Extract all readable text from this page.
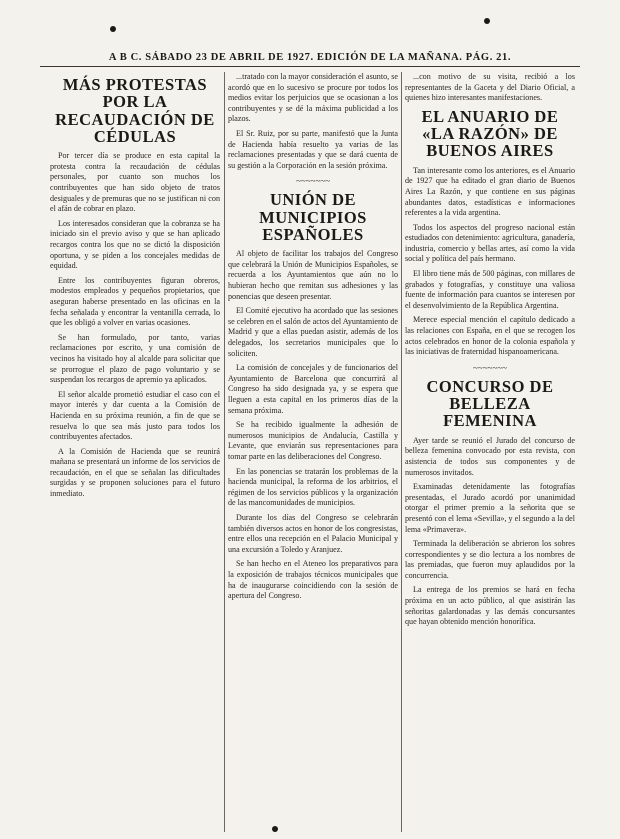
A B C. SÁBADO 23 DE ABRIL DE 1927. EDICIÓN DE LA MAÑANA. PÁG. 21.
MÁS PROTESTAS POR LA RECAUDACIÓN DE CÉDULAS

Por tercer día se produce en esta capital la protesta contra la recaudación de cédulas personales, por cuanto son muchos los contribuyentes que han sido objeto de tratos desiguales y de premuras que no se justifican ni con el afán de cobrar en plazo.

Los interesados consideran que la cobranza se ha iniciado sin el previo aviso y que se han aplicado recargos contra los que no se dictó la disposición oportuna, y se piden a los concejales medidas de equidad.

Entre los contribuyentes figuran obreros, modestos empleados y pequeños propietarios, que aseguran haberse presentado en las oficinas en la fecha señalada y encontrar la ventanilla cerrada, lo que les obligó a volver en varias ocasiones.

Se han formulado, por tanto, varias reclamaciones por escrito, y una comisión de vecinos ha visitado hoy al alcalde para solicitar que se prorrogue el plazo de pago voluntario y se suspendan los recargos de apremio ya aplicados.

El señor alcalde prometió estudiar el caso con el mayor interés y dar cuenta a la Comisión de Hacienda en su próxima reunión, a fin de que se resuelva lo que sea más justo para todos los contribuyentes afectados.

A la Comisión de Hacienda que se reunirá mañana se presentará un informe de los servicios de recaudación, en el que se señalan las dificultades surgidas y se proponen soluciones para el futuro inmediato.

...tratado con la mayor consideración el asunto, se acordó que en lo sucesivo se procure por todos los medios evitar los perjuicios que se ocasionan a los contribuyentes y se dé la máxima publicidad a los plazos.

El Sr. Ruiz, por su parte, manifestó que la Junta de Hacienda había resuelto ya varias de las reclamaciones presentadas y que se dará cuenta de su gestión a la Corporación en la sesión próxima.

~~~~~~~
UNIÓN DE MUNICIPIOS ESPAÑOLES

Al objeto de facilitar los trabajos del Congreso que celebrará la Unión de Municipios Españoles, se recuerda a los Ayuntamientos que aún no lo hubieran hecho que remitan sus adhesiones y las ponencias que deseen presentar.

El Comité ejecutivo ha acordado que las sesiones se celebren en el salón de actos del Ayuntamiento de Madrid y que a ellas puedan asistir, además de los delegados, los secretarios municipales que lo soliciten.

La comisión de concejales y de funcionarios del Ayuntamiento de Barcelona que concurrirá al Congreso ha sido designada ya, y se espera que lleguen a esta capital en los primeros días de la semana próxima.

Se ha recibido igualmente la adhesión de numerosos municipios de Andalucía, Castilla y Levante, que enviarán sus representaciones para tomar parte en las deliberaciones del Congreso.

En las ponencias se tratarán los problemas de la hacienda municipal, la reforma de los arbitrios, el régimen de los servicios públicos y la organización de las mancomunidades de municipios.

Durante los días del Congreso se celebrarán también diversos actos en honor de los congresistas, entre ellos una recepción en el Palacio Municipal y una excursión a Toledo y Aranjuez.

Se han hecho en el Ateneo los preparativos para la exposición de trabajos técnicos municipales que ha de inaugurarse coincidiendo con la sesión de apertura del Congreso.

...con motivo de su visita, recibió a los representantes de la Gaceta y del Diario Oficial, a quienes hizo interesantes manifestaciones.

EL ANUARIO DE «LA RAZÓN» DE BUENOS AIRES

Tan interesante como los anteriores, es el Anuario de 1927 que ha editado el gran diario de Buenos Aires La Razón, y que contiene en sus páginas abundantes datos, estadísticas e informaciones referentes a la vida argentina.

Todos los aspectos del progreso nacional están estudiados con detenimiento: agricultura, ganadería, industria, comercio y bellas artes, así como la vida social y política del país hermano.

El libro tiene más de 500 páginas, con millares de grabados y fotografías, y constituye una valiosa fuente de información para cuantos se interesen por el desenvolvimiento de la República Argentina.

Merece especial mención el capítulo dedicado a las relaciones con España, en el que se recogen los actos celebrados en honor de la colonia española y las iniciativas de fraternidad hispanoamericana.

~~~~~~~
CONCURSO DE BELLEZA FEMENINA

Ayer tarde se reunió el Jurado del concurso de belleza femenina convocado por esta revista, con asistencia de todos sus componentes y de numerosos invitados.

Examinadas detenidamente las fotografías presentadas, el Jurado acordó por unanimidad otorgar el primer premio a la señorita que se presentó con el lema «Sevilla», y el segundo a la del lema «Primavera».

Terminada la deliberación se abrieron los sobres correspondientes y se dio lectura a los nombres de las premiadas, que fueron muy aplaudidos por la concurrencia.

La entrega de los premios se hará en fecha próxima en un acto público, al que asistirán las señoritas galardonadas y las demás concursantes que hayan obtenido mención honorífica.
